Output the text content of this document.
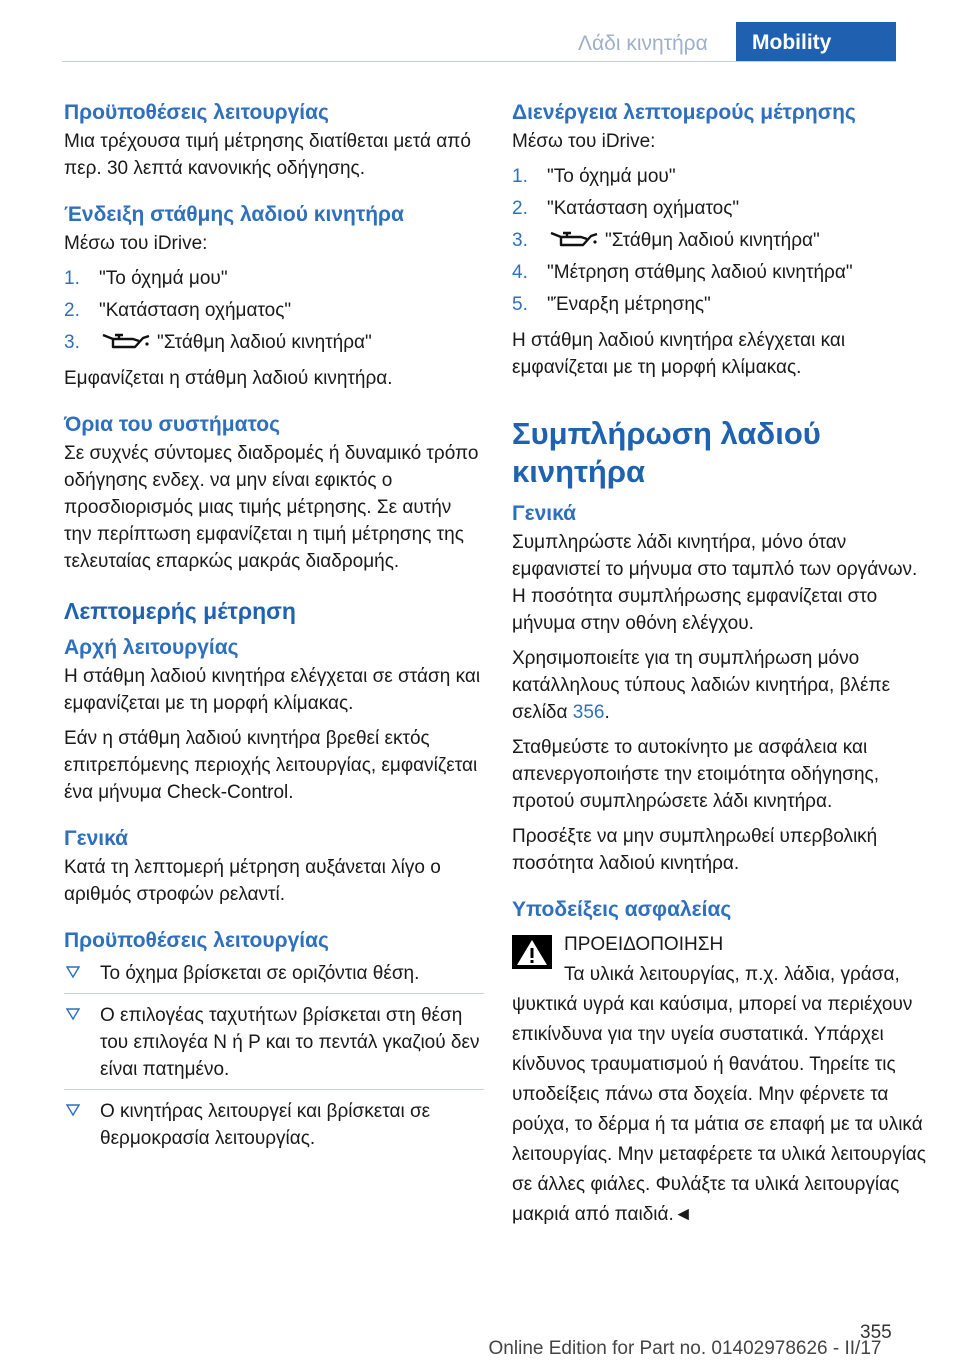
Λάδι κινητήρα Mobility
Προϋποθέσεις λειτουργίας

Μια τρέχουσα τιμή μέτρησης διατίθεται μετά από περ. 30 λεπτά κανονικής οδήγησης.

Ένδειξη στάθμης λαδιού κινητήρα

Μέσω του iDrive:

1. "Το όχημά μου"
2. "Κατάσταση οχήματος"
3.	"Στάθμη λαδιού κινητήρα"

Εμφανίζεται η στάθμη λαδιού κινητήρα.

Όρια του συστήματος

Σε συχνές σύντομες διαδρομές ή δυναμικό τρόπο οδήγησης ενδεχ. να μην είναι εφικτός ο προσδιορισμός μιας τιμής μέτρησης. Σε αυτήν την περίπτωση εμφανίζεται η τιμή μέτρησης της τελευταίας επαρκώς μακράς διαδρομής.

Λεπτομερής μέτρηση
Αρχή λειτουργίας

Η στάθμη λαδιού κινητήρα ελέγχεται σε στάση και εμφανίζεται με τη μορφή κλίμακας.

Εάν η στάθμη λαδιού κινητήρα βρεθεί εκτός επιτρεπόμενης περιοχής λειτουργίας, εμφανίζεται ένα μήνυμα Check-Control.

Γενικά

Κατά τη λεπτομερή μέτρηση αυξάνεται λίγο ο αριθμός στροφών ρελαντί.

Προϋποθέσεις λειτουργίας
Το όχημα βρίσκεται σε οριζόντια θέση.
Ο επιλογέας ταχυτήτων βρίσκεται στη θέση του επιλογέα N ή P και το πεντάλ γκαζιού δεν είναι πατημένο.
Ο κινητήρας λειτουργεί και βρίσκεται σε θερμοκρασία λειτουργίας.
Διενέργεια λεπτομερούς μέτρησης

Μέσω του iDrive:

1. "Το όχημά μου"
2. "Κατάσταση οχήματος"
3.	"Στάθμη λαδιού κινητήρα"
4. "Μέτρηση στάθμης λαδιού κινητήρα"
5. "Έναρξη μέτρησης"

Η στάθμη λαδιού κινητήρα ελέγχεται και εμφανίζεται με τη μορφή κλίμακας.

Συμπλήρωση λαδιού κινητήρα
Γενικά

Συμπληρώστε λάδι κινητήρα, μόνο όταν εμφανιστεί το μήνυμα στο ταμπλό των οργάνων. Η ποσότητα συμπλήρωσης εμφανίζεται στο μήνυμα στην οθόνη ελέγχου.

Χρησιμοποιείτε για τη συμπλήρωση μόνο κατάλληλους τύπους λαδιών κινητήρα, βλέπε σελίδα 356.

Σταθμεύστε το αυτοκίνητο με ασφάλεια και απενεργοποιήστε την ετοιμότητα οδήγησης, προτού συμπληρώσετε λάδι κινητήρα.

Προσέξτε να μην συμπληρωθεί υπερβολική ποσότητα λαδιού κινητήρα.

Υποδείξεις ασφαλείας
ΠΡΟΕΙΔΟΠΟΙΗΣΗ
Τα υλικά λειτουργίας, π.χ. λάδια, γράσα,
ψυκτικά υγρά και καύσιμα, μπορεί να περιέχουν επικίνδυνα για την υγεία συστατικά. Υπάρχει κίνδυνος τραυματισμού ή θανάτου. Τηρείτε τις υποδείξεις πάνω στα δοχεία. Μην φέρνετε τα ρούχα, το δέρμα ή τα μάτια σε επαφή με τα υλικά λειτουργίας. Μην μεταφέρετε τα υλικά λειτουργίας σε άλλες φιάλες. Φυλάξτε τα υλικά λειτουργίας μακριά από παιδιά.◄
355
Online Edition for Part no. 01402978626 - II/17
